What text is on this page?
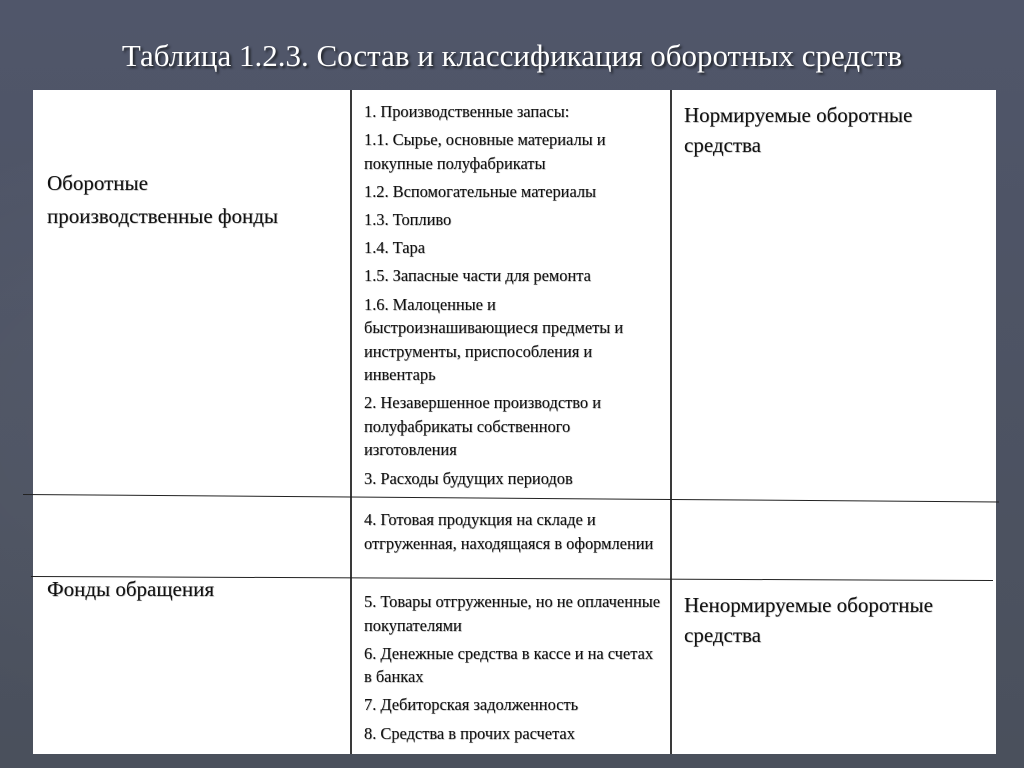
Таблица 1.2.3. Состав и классификация оборотных средств
Оборотные
производственные фонды
Фонды обращения
1. Производственные запасы:
1.1. Сырье, основные материалы и покупные полуфабрикаты
1.2. Вспомогательные материалы
1.3. Топливо
1.4. Тара
1.5. Запасные части для ремонта
1.6. Малоценные и быстроизнашивающиеся предметы и инструменты, приспособления и инвентарь
2. Незавершенное производство и полуфабрикаты собственного изготовления
3. Расходы будущих периодов
4. Готовая продукция на складе и отгруженная, находящаяся в оформлении
5. Товары отгруженные, но не оплаченные покупателями
6. Денежные средства в кассе и на счетах в банках
7. Дебиторская задолженность
8. Средства в прочих расчетах
Нормируемые оборотные средства
Ненормируемые оборотные средства
